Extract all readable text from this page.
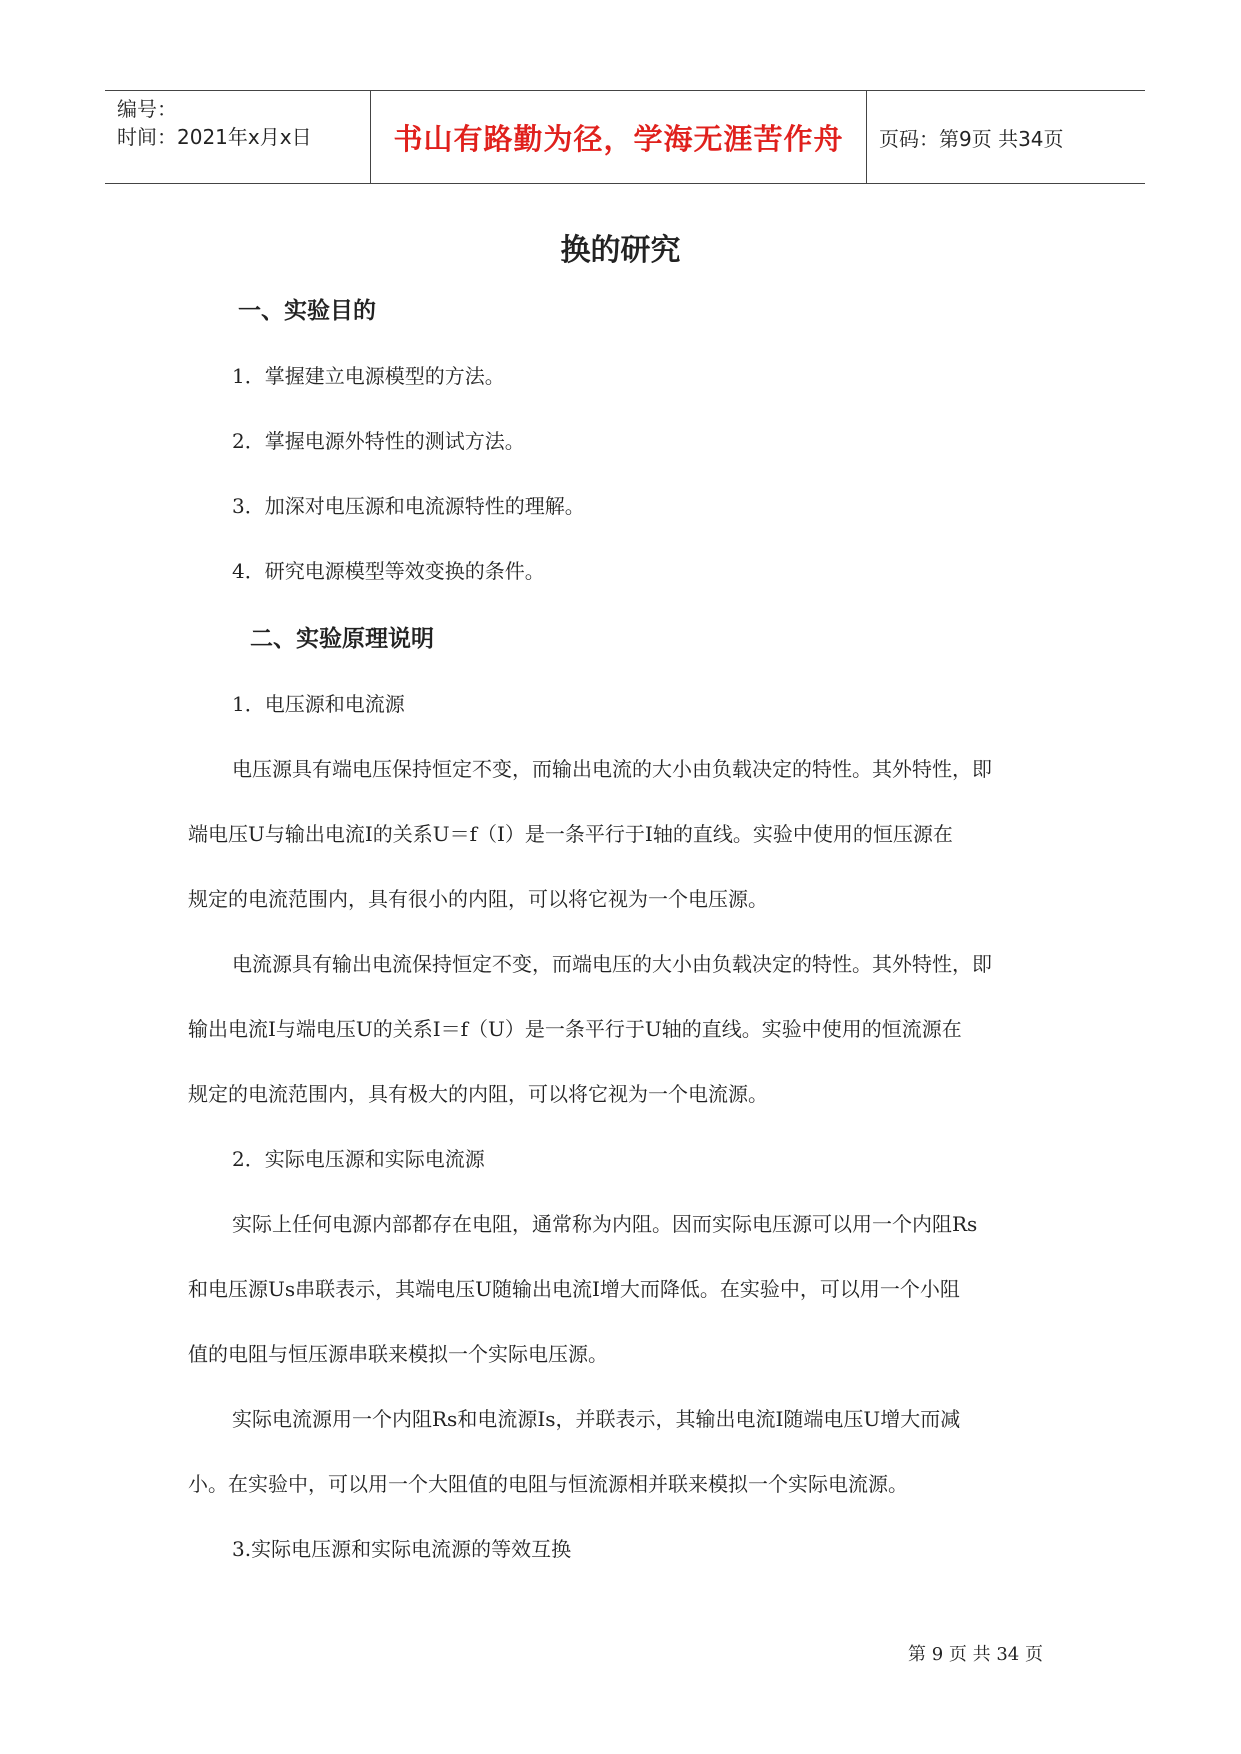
编号：
时间：2021年x月x日	书山有路勤为径，学海无涯苦作舟 页码：第9页 共34页
换的研究
一、实验目的
1．掌握建立电源模型的方法。
2．掌握电源外特性的测试方法。
3．加深对电压源和电流源特性的理解。
4．研究电源模型等效变换的条件。
二、实验原理说明
1．电压源和电流源
电压源具有端电压保持恒定不变，而输出电流的大小由负载决定的特性。其外特性，即
端电压U与输出电流I的关系U＝f（I）是一条平行于I轴的直线。实验中使用的恒压源在
规定的电流范围内，具有很小的内阻，可以将它视为一个电压源。
电流源具有输出电流保持恒定不变，而端电压的大小由负载决定的特性。其外特性，即
输出电流I与端电压U的关系I＝f（U）是一条平行于U轴的直线。实验中使用的恒流源在
规定的电流范围内，具有极大的内阻，可以将它视为一个电流源。
2．实际电压源和实际电流源
实际上任何电源内部都存在电阻，通常称为内阻。因而实际电压源可以用一个内阻Rs
和电压源Us串联表示，其端电压U随输出电流I增大而降低。在实验中，可以用一个小阻
值的电阻与恒压源串联来模拟一个实际电压源。
实际电流源用一个内阻Rs和电流源Is，并联表示，其输出电流I随端电压U增大而减
小。在实验中，可以用一个大阻值的电阻与恒流源相并联来模拟一个实际电流源。
3.实际电压源和实际电流源的等效互换
第 9 页 共 34 页
